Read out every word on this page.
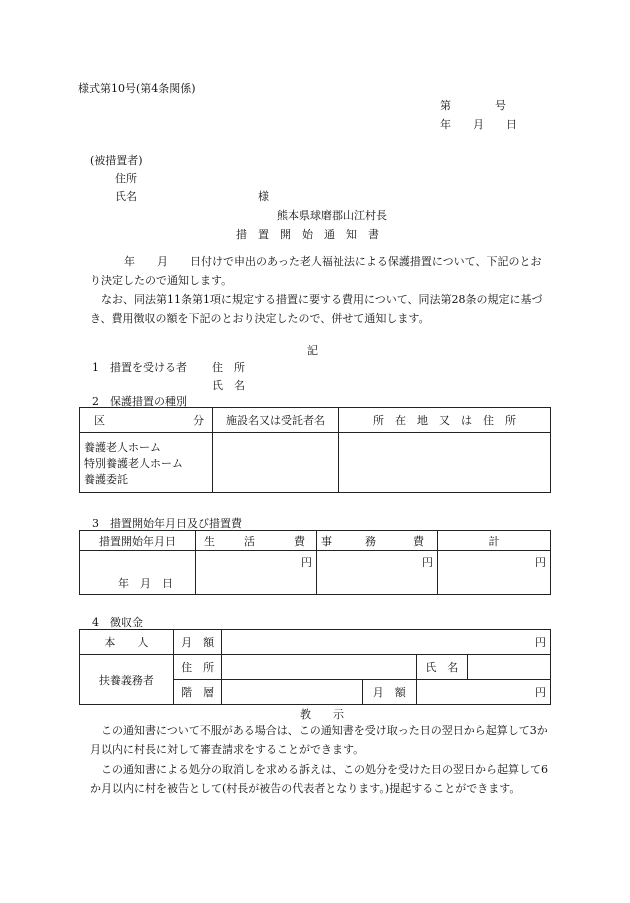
様式第10号(第4条関係)
第　　　　号
年　　月　　日
(被措置者)
住所
氏名	様
熊本県球磨郡山江村長
措　置　開　始　通　知　書
年　　月　　日付けで申出のあった老人福祉法による保護措置について、下記のとおり決定したので通知します。
なお、同法第11条第1項に規定する措置に要する費用について、同法第28条の規定に基づき、費用徴収の額を下記のとおり決定したので、併せて通知します。
記
1　措置を受ける者 住　所
氏　名
2　保護措置の種別
区 分	施設名又は受託者名	所　在　地　又　は　住　所

養護老人ホーム
特別養護老人ホーム
養護委託		

3　措置開始年月日及び措置費
措置開始年月日	生 活 費	事 務 費	計
年　月　日	円	円	円
4　徴収金
本　　人	月　額	円			
扶養義務者	住　所			氏　名	
	階　層		月　額	円	
教　　示
この通知書について不服がある場合は、この通知書を受け取った日の翌日から起算して3か月以内に村長に対して審査請求をすることができます。
この通知書による処分の取消しを求める訴えは、この処分を受けた日の翌日から起算して6か月以内に村を被告として(村長が被告の代表者となります。)提起することができます。
